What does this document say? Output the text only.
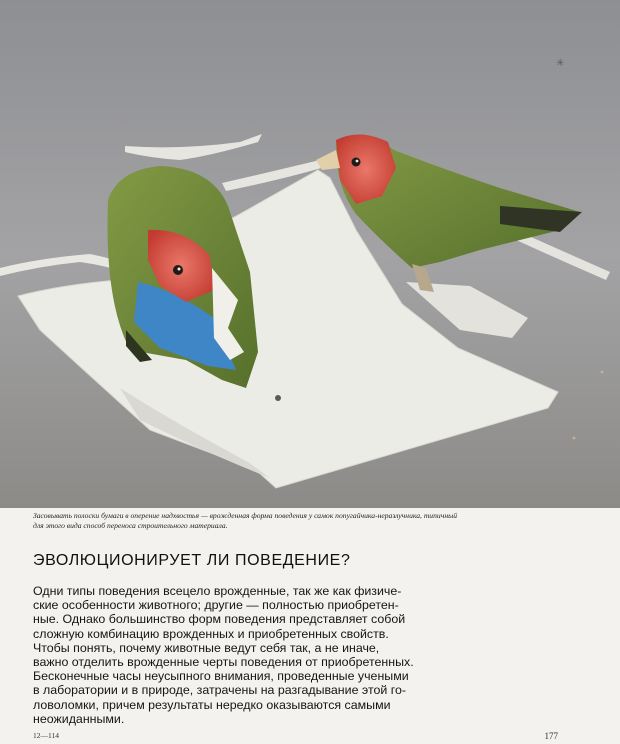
✳
Засовывать полоски бумаги в оперение надхвостья — врожденная форма поведения у самок попугайчика-неразлучника, типичный
для этого вида способ переноса строительного материала.
ЭВОЛЮЦИОНИРУЕТ ЛИ ПОВЕДЕНИЕ?
Одни типы поведения всецело врожденные, так же как физиче-
ские особенности животного; другие — полностью приобретен-
ные. Однако большинство форм поведения представляет собой
сложную комбинацию врожденных и приобретенных свойств.
Чтобы понять, почему животные ведут себя так, а не иначе,
важно отделить врожденные черты поведения от приобретенных.
Бесконечные часы неусыпного внимания, проведенные учеными
в лаборатории и в природе, затрачены на разгадывание этой го-
ловоломки, причем результаты нередко оказываются самыми
неожиданными.
12—114	177
